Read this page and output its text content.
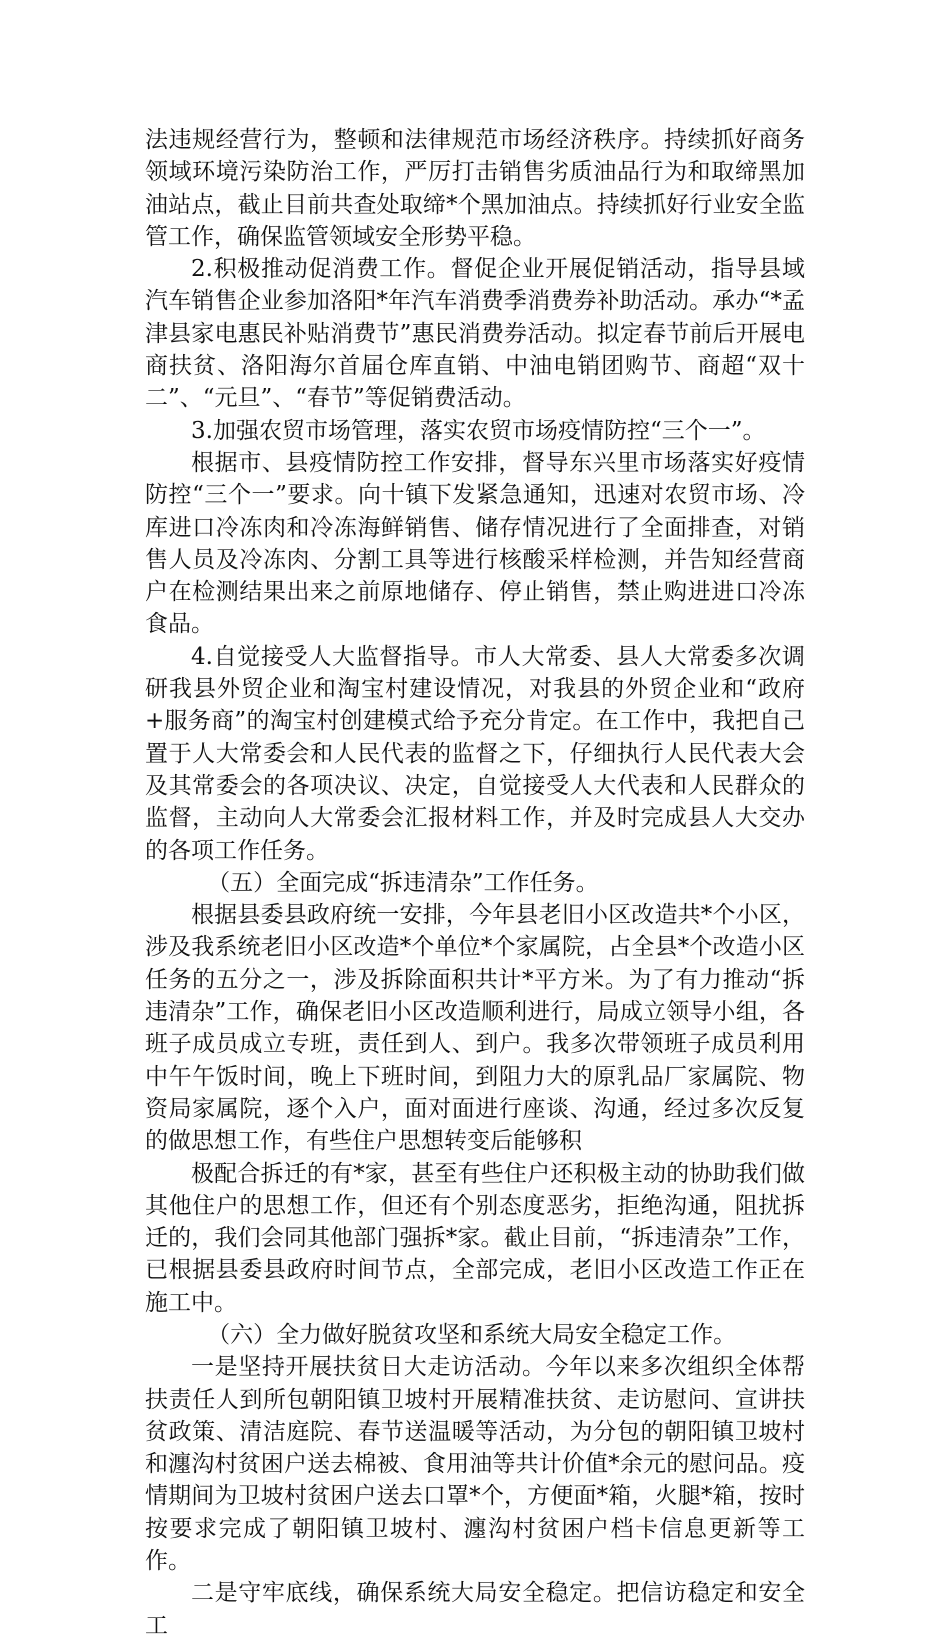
法违规经营行为，整顿和法律规范市场经济秩序。持续抓好商务领域环境污染防治工作，严厉打击销售劣质油品行为和取缔黑加油站点，截止目前共查处取缔*个黑加油点。持续抓好行业安全监管工作，确保监管领域安全形势平稳。

2.积极推动促消费工作。督促企业开展促销活动，指导县域汽车销售企业参加洛阳*年汽车消费季消费券补助活动。承办“*孟津县家电惠民补贴消费节”惠民消费券活动。拟定春节前后开展电商扶贫、洛阳海尔首届仓库直销、中油电销团购节、商超“双十二”、“元旦”、“春节”等促销费活动。

3.加强农贸市场管理，落实农贸市场疫情防控“三个一”。

根据市、县疫情防控工作安排，督导东兴里市场落实好疫情防控“三个一”要求。向十镇下发紧急通知，迅速对农贸市场、冷库进口冷冻肉和冷冻海鲜销售、储存情况进行了全面排查，对销售人员及冷冻肉、分割工具等进行核酸采样检测，并告知经营商户在检测结果出来之前原地储存、停止销售，禁止购进进口冷冻食品。

4.自觉接受人大监督指导。市人大常委、县人大常委多次调研我县外贸企业和淘宝村建设情况，对我县的外贸企业和“政府+服务商”的淘宝村创建模式给予充分肯定。在工作中，我把自己置于人大常委会和人民代表的监督之下，仔细执行人民代表大会及其常委会的各项决议、决定，自觉接受人大代表和人民群众的监督，主动向人大常委会汇报材料工作，并及时完成县人大交办的各项工作任务。

（五）全面完成“拆违清杂”工作任务。

根据县委县政府统一安排，今年县老旧小区改造共*个小区，涉及我系统老旧小区改造*个单位*个家属院，占全县*个改造小区任务的五分之一，涉及拆除面积共计*平方米。为了有力推动“拆违清杂”工作，确保老旧小区改造顺利进行，局成立领导小组，各班子成员成立专班，责任到人、到户。我多次带领班子成员利用中午午饭时间，晚上下班时间，到阻力大的原乳品厂家属院、物资局家属院，逐个入户，面对面进行座谈、沟通，经过多次反复的做思想工作，有些住户思想转变后能够积

极配合拆迁的有*家，甚至有些住户还积极主动的协助我们做其他住户的思想工作，但还有个别态度恶劣，拒绝沟通，阻扰拆迁的，我们会同其他部门强拆*家。截止目前，“拆违清杂”工作，已根据县委县政府时间节点，全部完成，老旧小区改造工作正在施工中。

（六）全力做好脱贫攻坚和系统大局安全稳定工作。

一是坚持开展扶贫日大走访活动。今年以来多次组织全体帮扶责任人到所包朝阳镇卫坡村开展精准扶贫、走访慰问、宣讲扶贫政策、清洁庭院、春节送温暖等活动，为分包的朝阳镇卫坡村和瀍沟村贫困户送去棉被、食用油等共计价值*余元的慰问品。疫情期间为卫坡村贫困户送去口罩*个，方便面*箱，火腿*箱，按时按要求完成了朝阳镇卫坡村、瀍沟村贫困户档卡信息更新等工作。

二是守牢底线，确保系统大局安全稳定。把信访稳定和安全工
